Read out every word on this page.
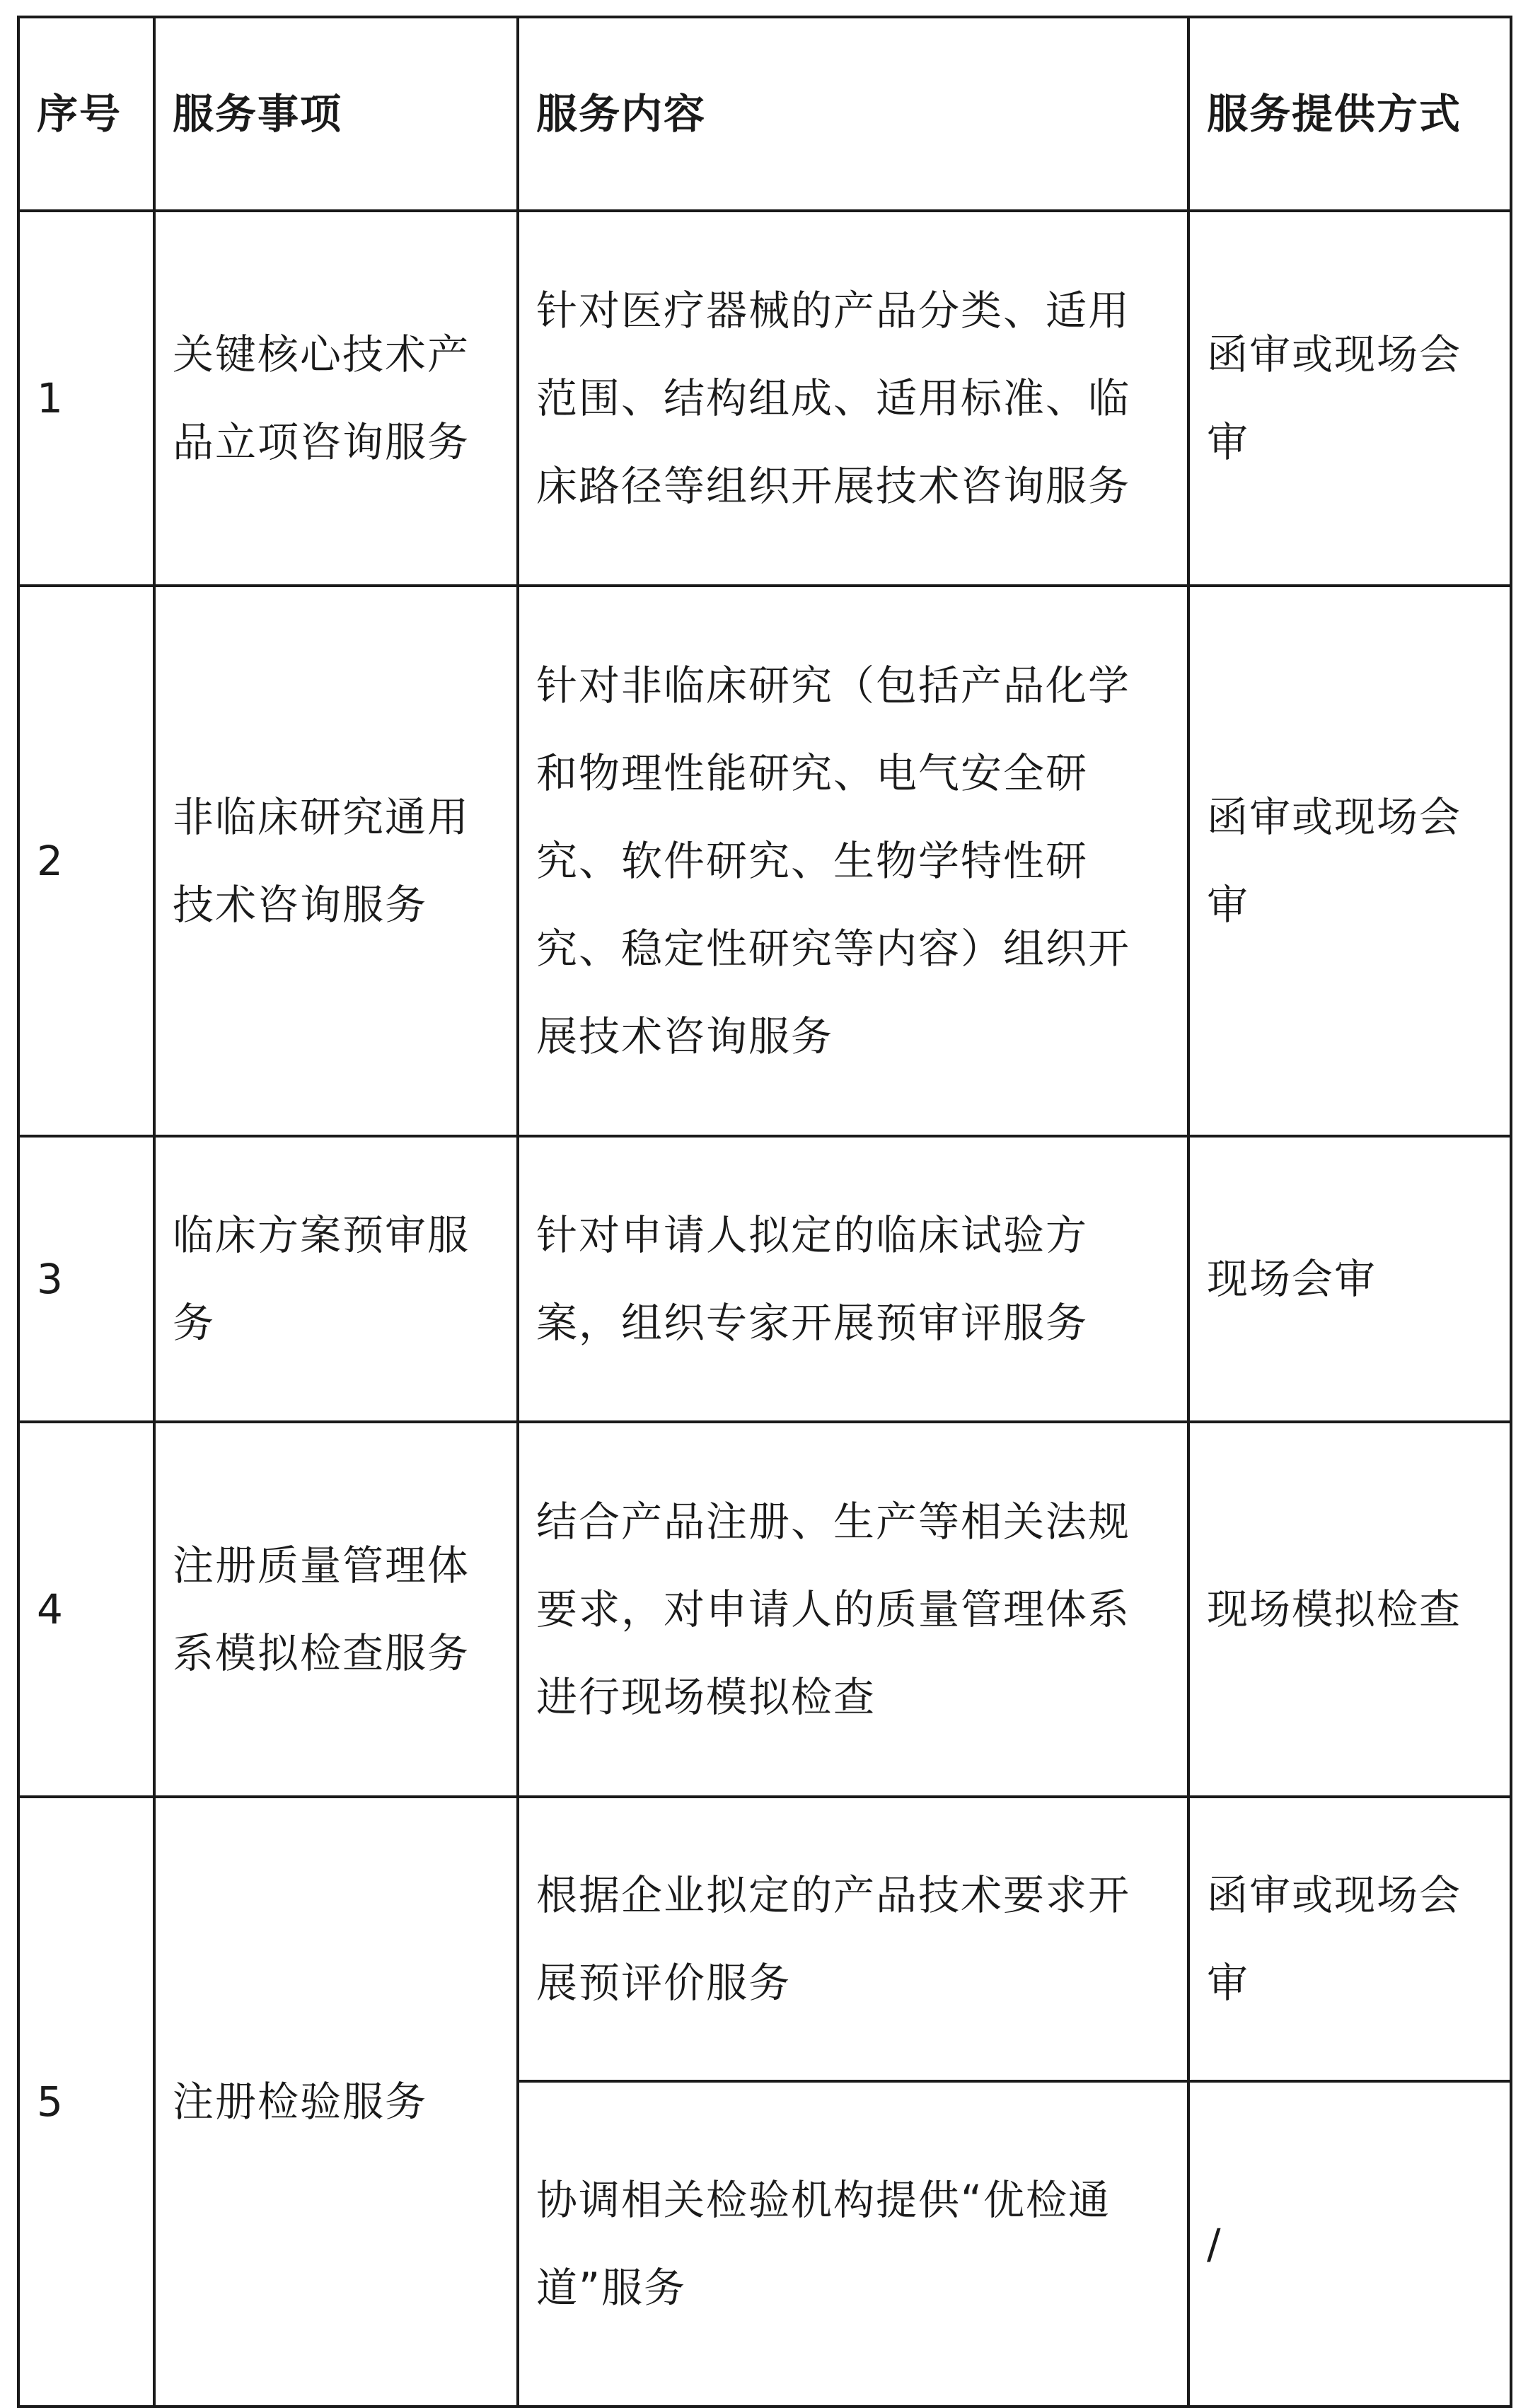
序号	服务事项	服务内容	服务提供方式
1	关键核心技术产品立项咨询服务	针对医疗器械的产品分类、适用范围、结构组成、适用标准、临床路径等组织开展技术咨询服务	函审或现场会审
2	非临床研究通用技术咨询服务	针对非临床研究（包括产品化学和物理性能研究、电气安全研究、软件研究、生物学特性研究、稳定性研究等内容）组织开展技术咨询服务	函审或现场会审
3	临床方案预审服务	针对申请人拟定的临床试验方案，组织专家开展预审评服务	现场会审
4	注册质量管理体系模拟检查服务	结合产品注册、生产等相关法规要求，对申请人的质量管理体系进行现场模拟检查	现场模拟检查
5	注册检验服务	根据企业拟定的产品技术要求开展预评价服务	函审或现场会审
		协调相关检验机构提供“优检通道”服务	/
